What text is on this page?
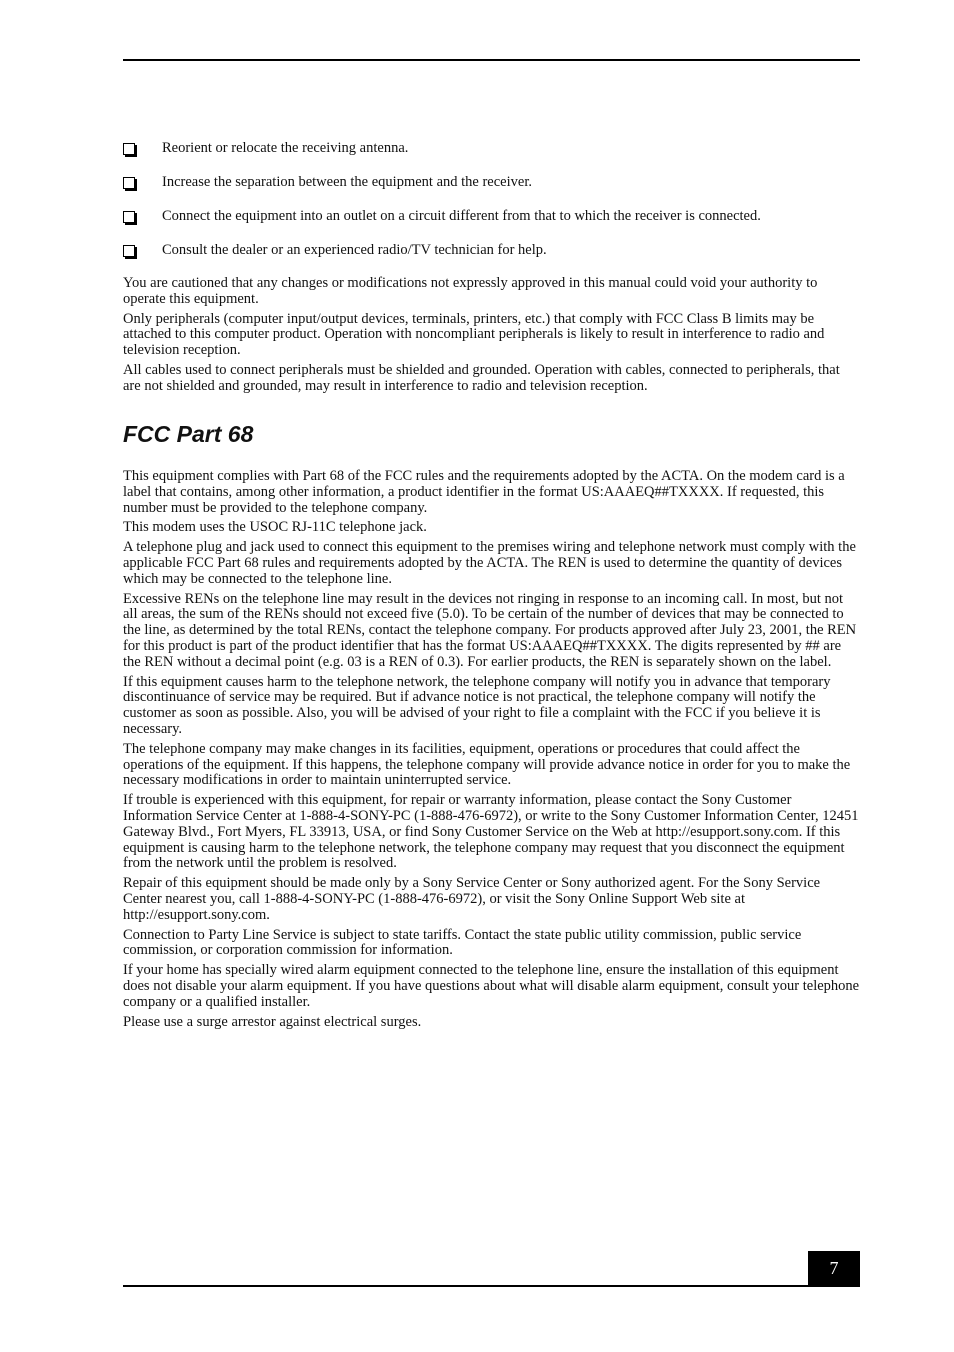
Reorient or relocate the receiving antenna.
Increase the separation between the equipment and the receiver.
Connect the equipment into an outlet on a circuit different from that to which the receiver is connected.
Consult the dealer or an experienced radio/TV technician for help.

You are cautioned that any changes or modifications not expressly approved in this manual could void your authority to operate this equipment.

Only peripherals (computer input/output devices, terminals, printers, etc.) that comply with FCC Class B limits may be attached to this computer product. Operation with noncompliant peripherals is likely to result in interference to radio and television reception.

All cables used to connect peripherals must be shielded and grounded. Operation with cables, connected to peripherals, that are not shielded and grounded, may result in interference to radio and television reception.

FCC Part 68

This equipment complies with Part 68 of the FCC rules and the requirements adopted by the ACTA. On the modem card is a label that contains, among other information, a product identifier in the format US:AAAEQ##TXXXX. If requested, this number must be provided to the telephone company.

This modem uses the USOC RJ-11C telephone jack.

A telephone plug and jack used to connect this equipment to the premises wiring and telephone network must comply with the applicable FCC Part 68 rules and requirements adopted by the ACTA. The REN is used to determine the quantity of devices which may be connected to the telephone line.

Excessive RENs on the telephone line may result in the devices not ringing in response to an incoming call. In most, but not all areas, the sum of the RENs should not exceed five (5.0). To be certain of the number of devices that may be connected to the line, as determined by the total RENs, contact the telephone company. For products approved after July 23, 2001, the REN for this product is part of the product identifier that has the format US:AAAEQ##TXXXX. The digits represented by ## are the REN without a decimal point (e.g. 03 is a REN of 0.3). For earlier products, the REN is separately shown on the label.

If this equipment causes harm to the telephone network, the telephone company will notify you in advance that temporary discontinuance of service may be required. But if advance notice is not practical, the telephone company will notify the customer as soon as possible. Also, you will be advised of your right to file a complaint with the FCC if you believe it is necessary.

The telephone company may make changes in its facilities, equipment, operations or procedures that could affect the operations of the equipment. If this happens, the telephone company will provide advance notice in order for you to make the necessary modifications in order to maintain uninterrupted service.

If trouble is experienced with this equipment, for repair or warranty information, please contact the Sony Customer Information Service Center at 1-888-4-SONY-PC (1-888-476-6972), or write to the Sony Customer Information Center, 12451 Gateway Blvd., Fort Myers, FL 33913, USA, or find Sony Customer Service on the Web at http://esupport.sony.com. If this equipment is causing harm to the telephone network, the telephone company may request that you disconnect the equipment from the network until the problem is resolved.

Repair of this equipment should be made only by a Sony Service Center or Sony authorized agent. For the Sony Service Center nearest you, call 1-888-4-SONY-PC (1-888-476-6972), or visit the Sony Online Support Web site at http://esupport.sony.com.

Connection to Party Line Service is subject to state tariffs. Contact the state public utility commission, public service commission, or corporation commission for information.

If your home has specially wired alarm equipment connected to the telephone line, ensure the installation of this equipment does not disable your alarm equipment. If you have questions about what will disable alarm equipment, consult your telephone company or a qualified installer.

Please use a surge arrestor against electrical surges.

7
